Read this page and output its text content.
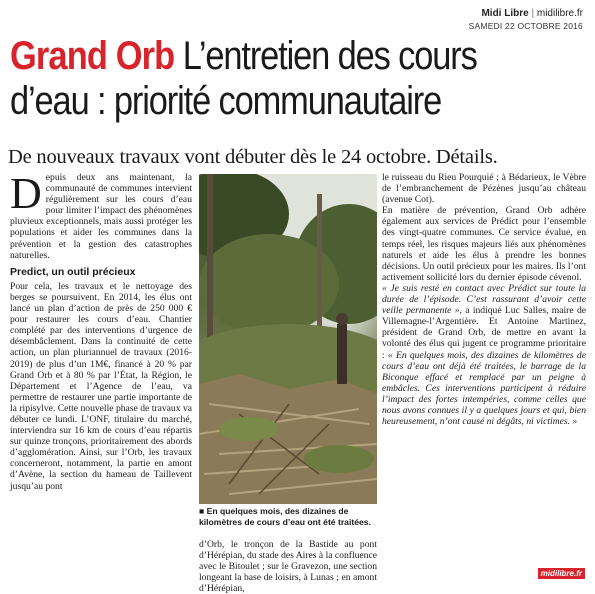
Midi Libre | midilibre.fr
SAMEDI 22 OCTOBRE 2016
Grand Orb L’entretien des cours
d’eau : priorité communautaire
De nouveaux travaux vont débuter dès le 24 octobre. Détails.

Depuis deux ans maintenant, la communauté de communes intervient régulièrement sur les cours d’eau pour limiter l’impact des phénomènes pluvieux exceptionnels, mais aussi protéger les populations et aider les communes dans la prévention et la gestion des catastrophes naturelles.

Predict, un outil précieux

Pour cela, les travaux et le nettoyage des berges se poursuivent. En 2014, les élus ont lancé un plan d’action de près de 250 000 € pour restaurer les cours d’eau. Chantier complété par des interventions d’urgence de désembâclement. Dans la continuité de cette action, un plan pluriannuel de travaux (2016-2019) de plus d’un 1M€, financé à 20 % par Grand Orb et à 80 % par l’État, la Région, le Département et l’Agence de l’eau, va permettre de restaurer une partie importante de la ripisylve. Cette nouvelle phase de travaux va débuter ce lundi. L’ONF, titulaire du marché, interviendra sur 16 km de cours d’eau répartis sur quinze tronçons, prioritairement des abords d’agglomération. Ainsi, sur l’Orb, les travaux concerneront, notamment, la partie en amont d’Avène, la section du hameau de Taillevent jusqu’au pont

■ En quelques mois, des dizaines de kilomètres de cours d’eau ont été traitées.

d’Orb, le tronçon de la Bastide au pont d’Hérépian, du stade des Aires à la confluence avec le Bitoulet ; sur le Gravezon, une section longeant la base de loisirs, à Lunas ; en amont d’Hérépian,

le ruisseau du Rieu Pourquié ; à Bédarieux, le Vèbre de l’embranchement de Pézènes jusqu’au château (avenue Cot).

En matière de prévention, Grand Orb adhère également aux services de Prédict pour l’ensemble des vingt-quatre communes. Ce service évalue, en temps réel, les risques majeurs liés aux phénomènes naturels et aide les élus à prendre les bonnes décisions. Un outil précieux pour les maires. Ils l’ont activement sollicité lors du dernier épisode cévenol.

« Je suis resté en contact avec Prédict sur toute la durée de l’épisode. C’est rassurant d’avoir cette veille permanente », a indiqué Luc Salles, maire de Villemagne-l’Argentière. Et Antoine Martinez, président de Grand Orb, de mettre en avant la volonté des élus qui jugent ce programme prioritaire : « En quelques mois, des dizaines de kilomètres de cours d’eau ont déjà été traitées, le barrage de la Biconque effacé et remplacé par un peigne à embâcles. Ces interventions participent à réduire l’impact des fortes intempéries, comme celles que nous avons connues il y a quelques jours et qui, bien heureusement, n’ont causé ni dégâts, ni victimes. »

midilibre.fr
